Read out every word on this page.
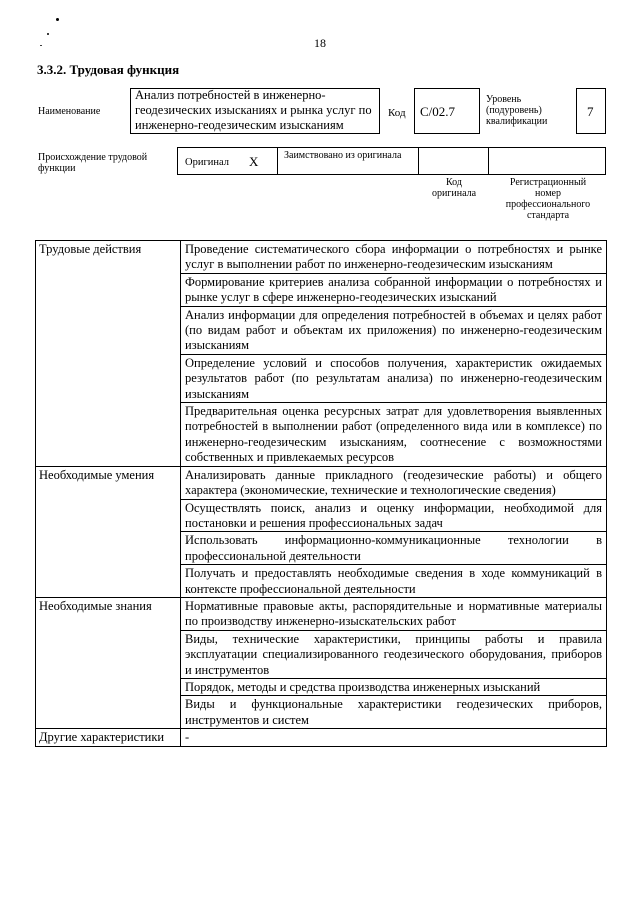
18
3.3.2. Трудовая функция
Наименование
Анализ потребностей в инженерно-геодезических изысканиях и рынка услуг по инженерно-геодезическим изысканиям
Код С/02.7
Уровень (подуровень) квалификации
7
Происхождение трудовой функции
Оригинал X	Заимствовано из оригинала
Код оригинала
Регистрационный номер профессионального стандарта
Трудовые действия	Проведение систематического сбора информации о потребностях и рынке услуг в выполнении работ по инженерно-геодезическим изысканиям
	Формирование критериев анализа собранной информации о потребностях и рынке услуг в сфере инженерно-геодезических изысканий
	Анализ информации для определения потребностей в объемах и целях работ (по видам работ и объектам их приложения) по инженерно-геодезическим изысканиям
	Определение условий и способов получения, характеристик ожидаемых результатов работ (по результатам анализа) по инженерно-геодезическим изысканиям
	Предварительная оценка ресурсных затрат для удовлетворения выявленных потребностей в выполнении работ (определенного вида или в комплексе) по инженерно-геодезическим изысканиям, соотнесение с возможностями собственных и привлекаемых ресурсов
Необходимые умения	Анализировать данные прикладного (геодезические работы) и общего характера (экономические, технические и технологические сведения)
	Осуществлять поиск, анализ и оценку информации, необходимой для постановки и решения профессиональных задач
	Использовать информационно-коммуникационные технологии в профессиональной деятельности
	Получать и предоставлять необходимые сведения в ходе коммуникаций в контексте профессиональной деятельности
Необходимые знания	Нормативные правовые акты, распорядительные и нормативные материалы по производству инженерно-изыскательских работ
	Виды, технические характеристики, принципы работы и правила эксплуатации специализированного геодезического оборудования, приборов и инструментов
	Порядок, методы и средства производства инженерных изысканий
	Виды и функциональные характеристики геодезических приборов, инструментов и систем
Другие характеристики	-
